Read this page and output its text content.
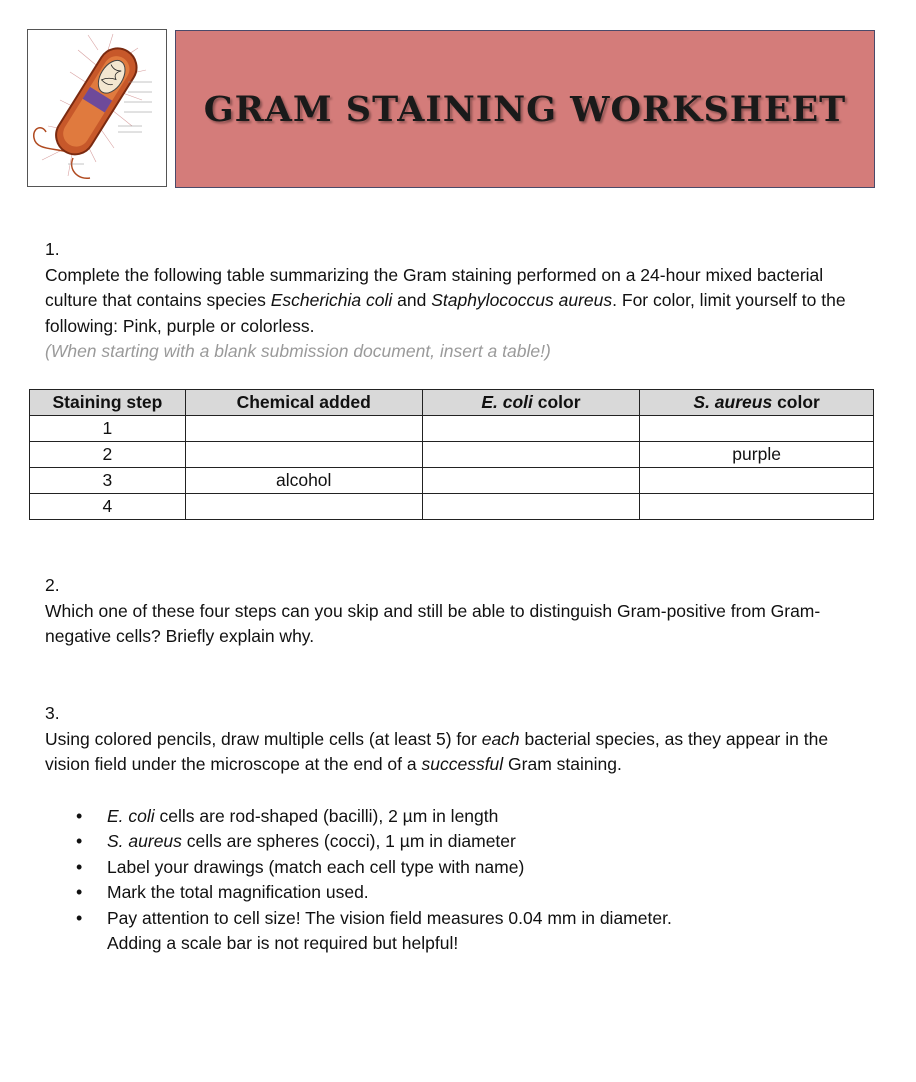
GRAM STAINING WORKSHEET

1.

Complete the following table summarizing the Gram staining performed on a 24-hour mixed bacterial culture that contains species Escherichia coli and Staphylococcus aureus. For color, limit yourself to the following: Pink, purple or colorless.

(When starting with a blank submission document, insert a table!)

Staining step	Chemical added	E. coli color	S. aureus color
1			
2			purple
3	alcohol		
4			

2.

Which one of these four steps can you skip and still be able to distinguish Gram-positive from Gram-negative cells? Briefly explain why.

3.

Using colored pencils, draw multiple cells (at least 5) for each bacterial species, as they appear in the vision field under the microscope at the end of a successful Gram staining.

• E. coli cells are rod-shaped (bacilli), 2 µm in length
• S. aureus cells are spheres (cocci), 1 µm in diameter
• Label your drawings (match each cell type with name)
• Mark the total magnification used.
• Pay attention to cell size! The vision field measures 0.04 mm in diameter.
Adding a scale bar is not required but helpful!
